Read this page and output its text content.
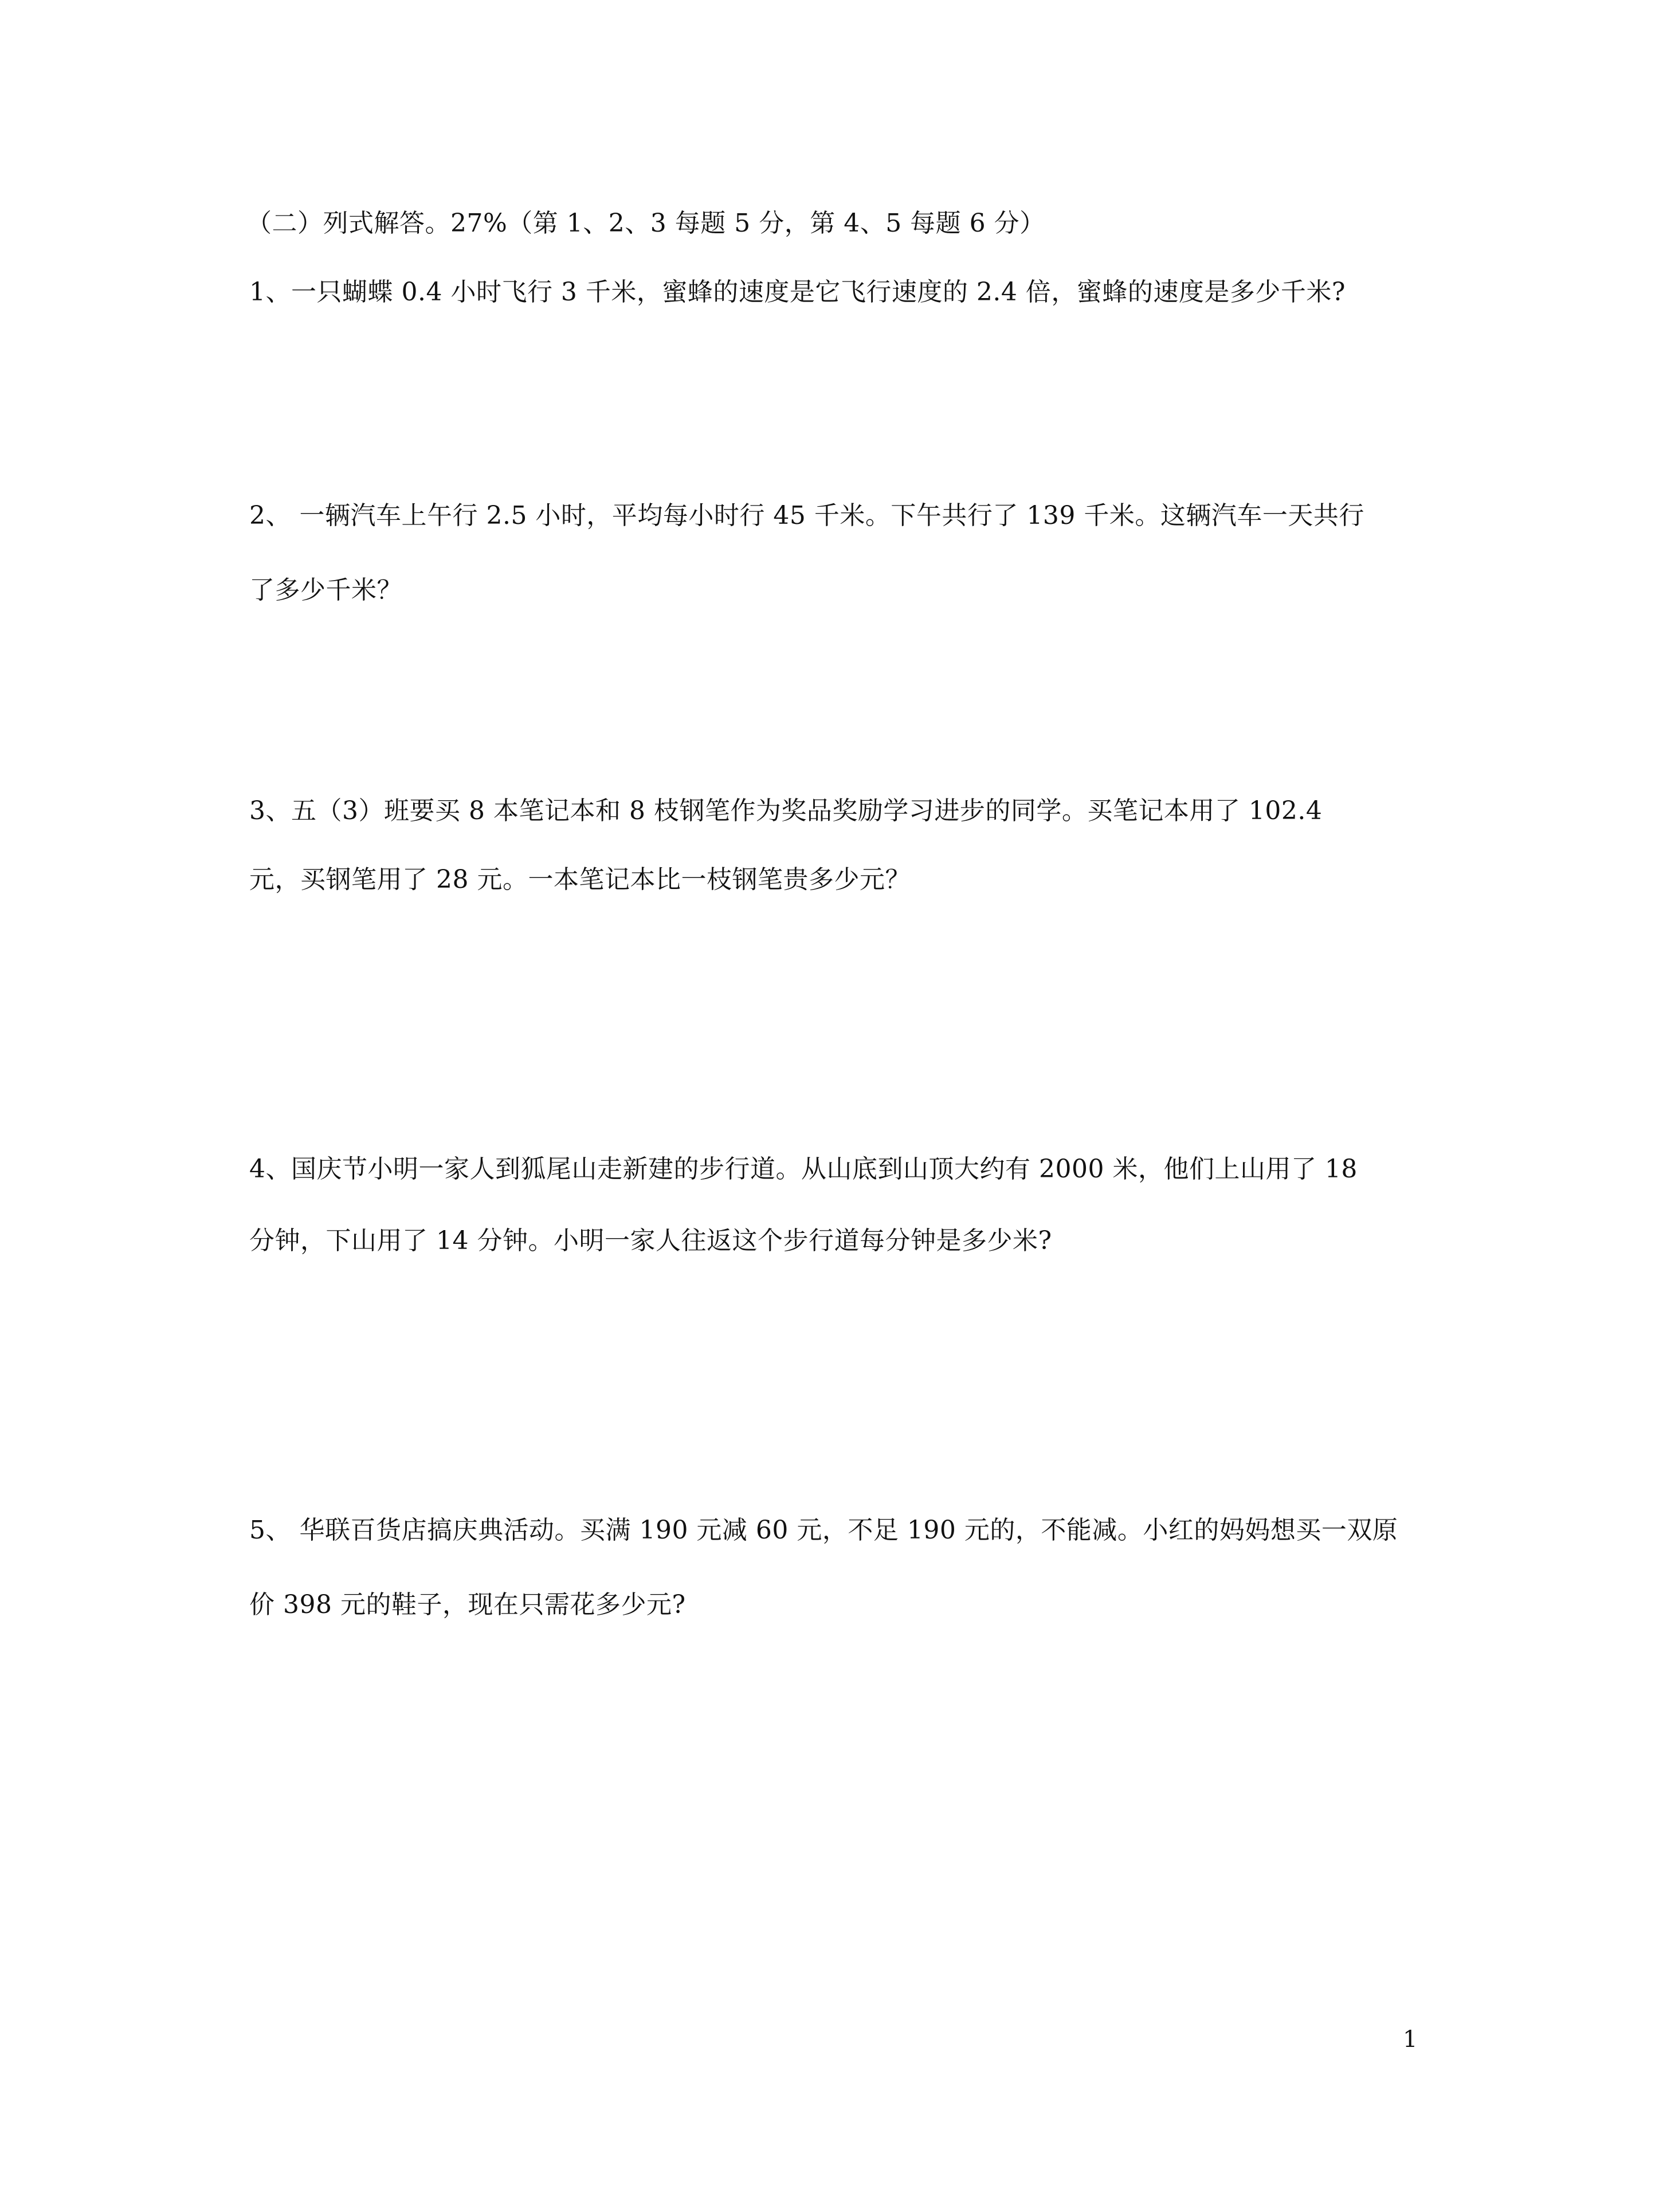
（二）列式解答。27%（第 1、2、3 每题 5 分，第 4、5 每题 6 分）
1、一只蝴蝶 0.4 小时飞行 3 千米，蜜蜂的速度是它飞行速度的 2.4 倍，蜜蜂的速度是多少千米?
2、 一辆汽车上午行 2.5 小时，平均每小时行 45 千米。下午共行了 139 千米。这辆汽车一天共行
了多少千米？
3、五（3）班要买 8 本笔记本和 8 枝钢笔作为奖品奖励学习进步的同学。买笔记本用了 102.4
元，买钢笔用了 28 元。一本笔记本比一枝钢笔贵多少元？
4、国庆节小明一家人到狐尾山走新建的步行道。从山底到山顶大约有 2000 米，他们上山用了 18
分钟，下山用了 14 分钟。小明一家人往返这个步行道每分钟是多少米?
5、 华联百货店搞庆典活动。买满 190 元减 60 元，不足 190 元的，不能减。小红的妈妈想买一双原
价 398 元的鞋子，现在只需花多少元?
1
